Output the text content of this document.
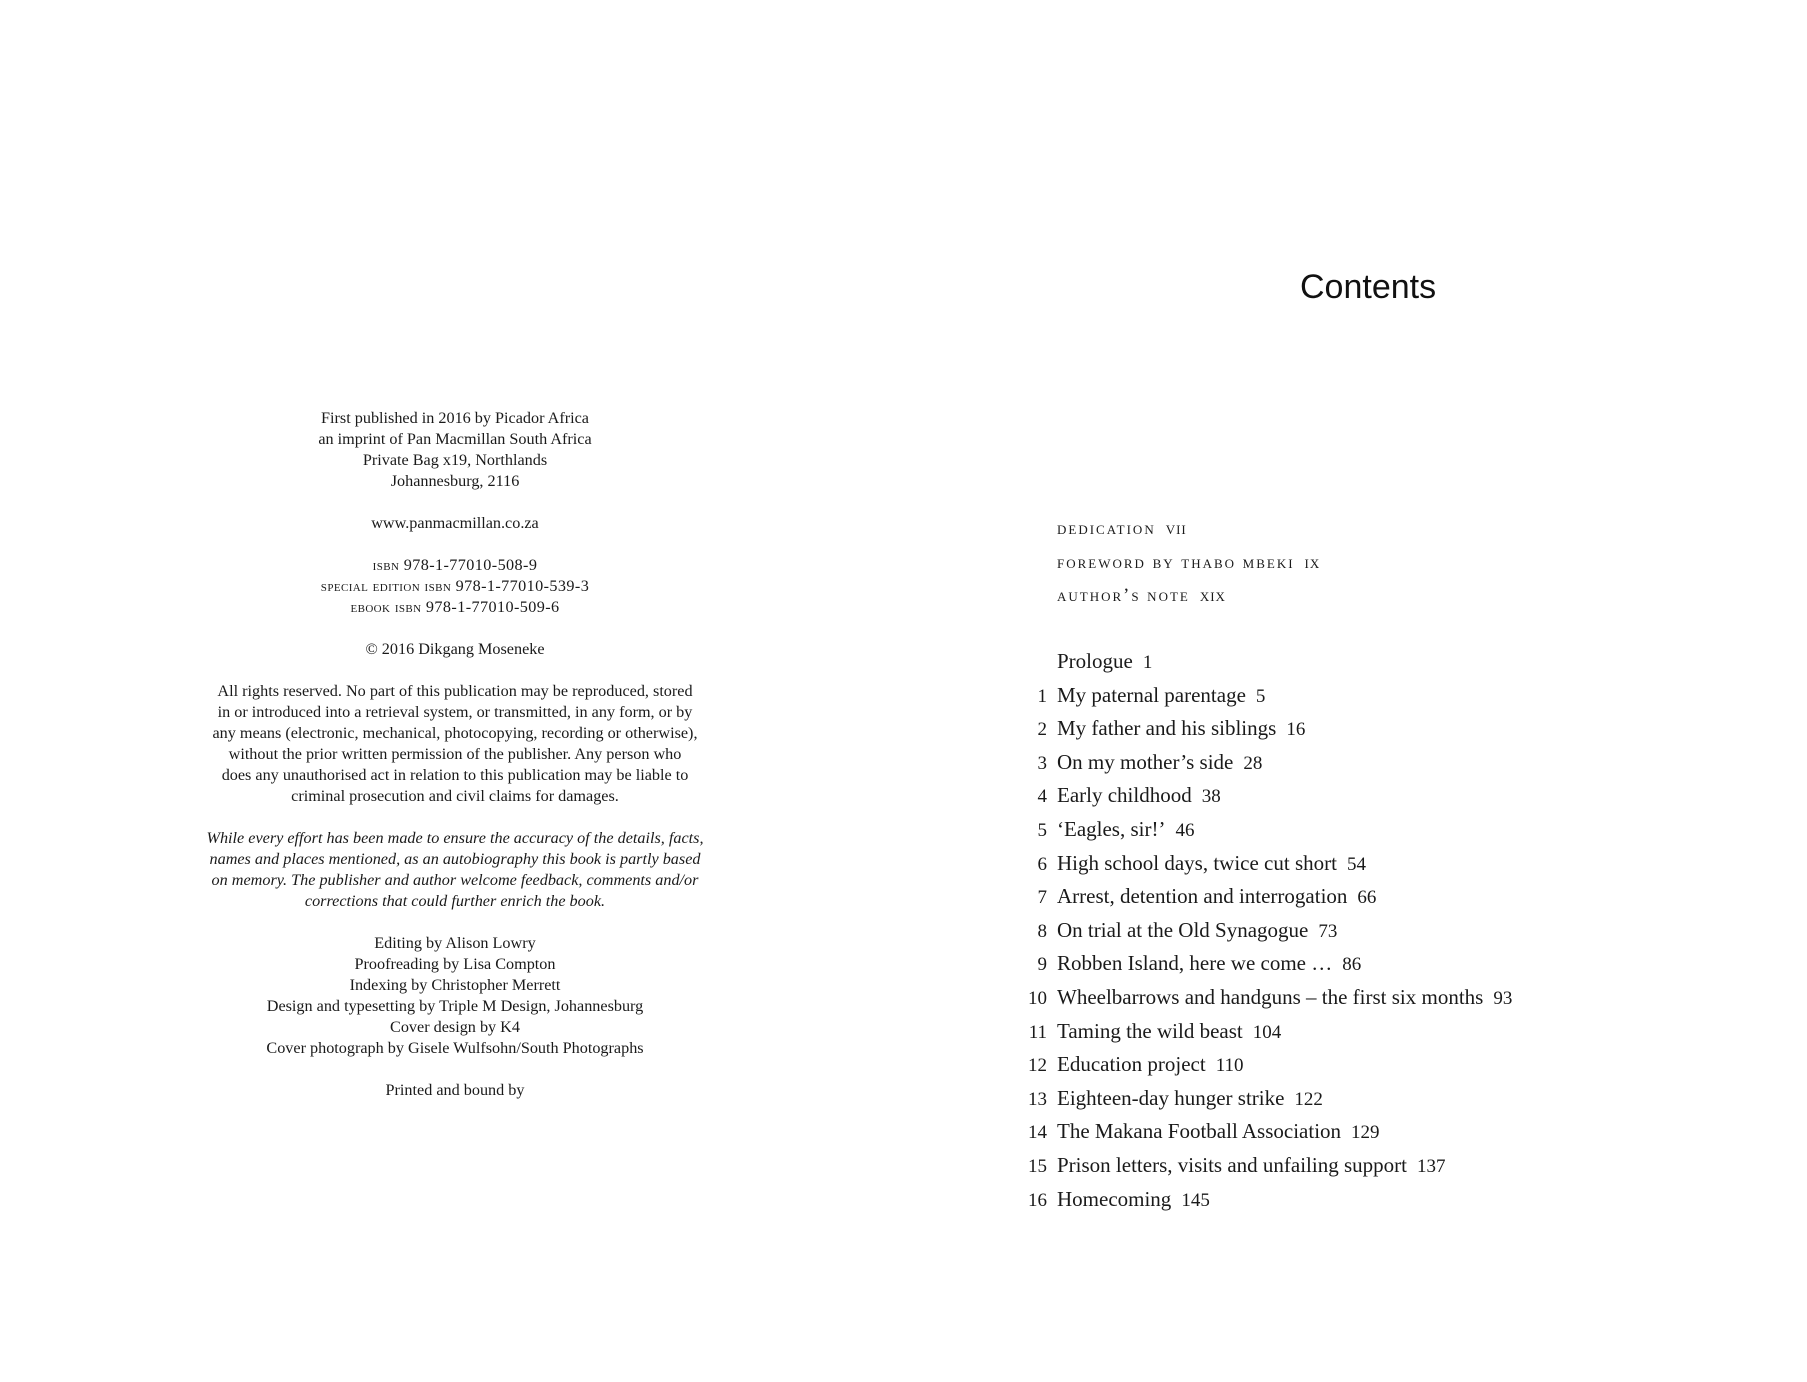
First published in 2016 by Picador Africa
an imprint of Pan Macmillan South Africa
Private Bag x19, Northlands
Johannesburg, 2116

www.panmacmillan.co.za

isbn 978-1-77010-508-9
special edition isbn 978-1-77010-539-3
ebook isbn 978-1-77010-509-6

© 2016 Dikgang Moseneke

All rights reserved. No part of this publication may be reproduced, stored
in or introduced into a retrieval system, or transmitted, in any form, or by
any means (electronic, mechanical, photocopying, recording or otherwise),
without the prior written permission of the publisher. Any person who
does any unauthorised act in relation to this publication may be liable to
criminal prosecution and civil claims for damages.

While every effort has been made to ensure the accuracy of the details, facts,
names and places mentioned, as an autobiography this book is partly based
on memory. The publisher and author welcome feedback, comments and/or
corrections that could further enrich the book.

Editing by Alison Lowry
Proofreading by Lisa Compton
Indexing by Christopher Merrett
Design and typesetting by Triple M Design, Johannesburg
Cover design by K4
Cover photograph by Gisele Wulfsohn/South Photographs

Printed and bound by

Contents
dedication vii
foreword by thabo mbeki ix
author’s note xix
Prologue 1
1 My paternal parentage 5
2 My father and his siblings 16
3 On my mother’s side 28
4 Early childhood 38
5 ‘Eagles, sir!’ 46
6 High school days, twice cut short 54
7 Arrest, detention and interrogation 66
8 On trial at the Old Synagogue 73
9 Robben Island, here we come … 86
10 Wheelbarrows and handguns – the first six months 93
11 Taming the wild beast 104
12 Education project 110
13 Eighteen-day hunger strike 122
14 The Makana Football Association 129
15 Prison letters, visits and unfailing support 137
16 Homecoming 145
